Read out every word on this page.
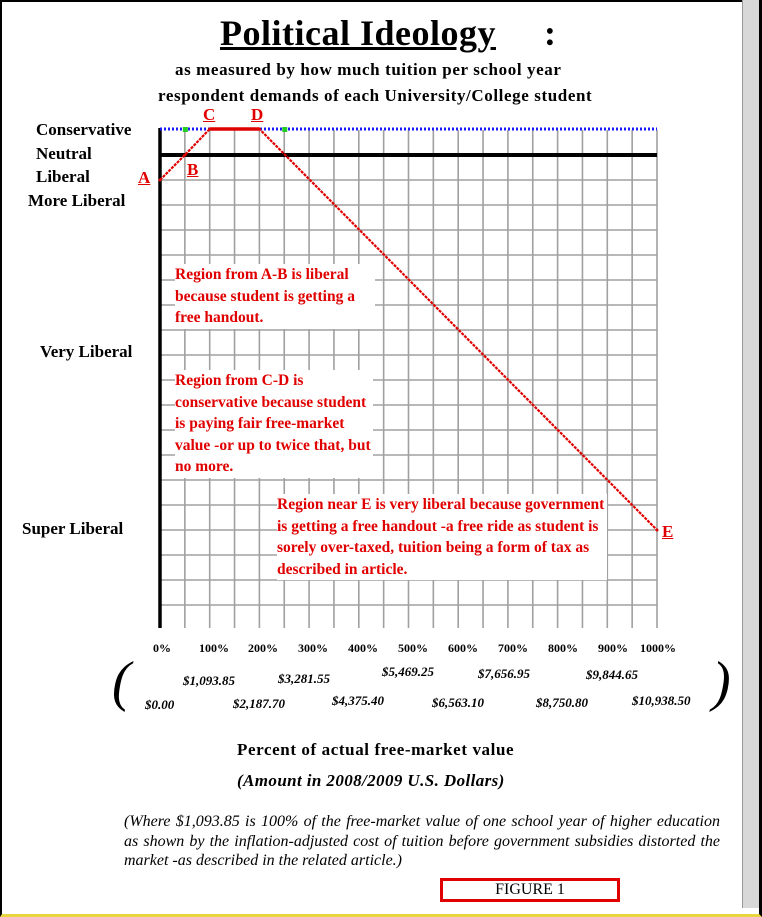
Political Ideology :
as measured by how much tuition per school year
respondent demands of each University/College student
Conservative
Neutral
Liberal
More Liberal
Very Liberal
Super Liberal
0% 100% 200% 300% 400% 500% 600% 700% 800% 900% 1000%
(	)
$1,093.85	$3,281.55	$5,469.25	$7,656.95	$9,844.65
$0.00	$2,187.70	$4,375.40	$6,563.10	$8,750.80	$10,938.50
Percent of actual free-market value
(Amount in 2008/2009 U.S. Dollars)
A B
C D
E
Region from A-B is liberal because student is getting a free handout.
Region from C-D is conservative because student is paying fair free-market value -or up to twice that, but no more.
Region near E is very liberal because government is getting a free handout -a free ride as student is sorely over-taxed, tuition being a form of tax as described in article.
(Where $1,093.85 is 100% of the free-market value of one school year of higher education as shown by the inflation-adjusted cost of tuition before government subsidies distorted the market -as described in the related article.)
FIGURE 1
